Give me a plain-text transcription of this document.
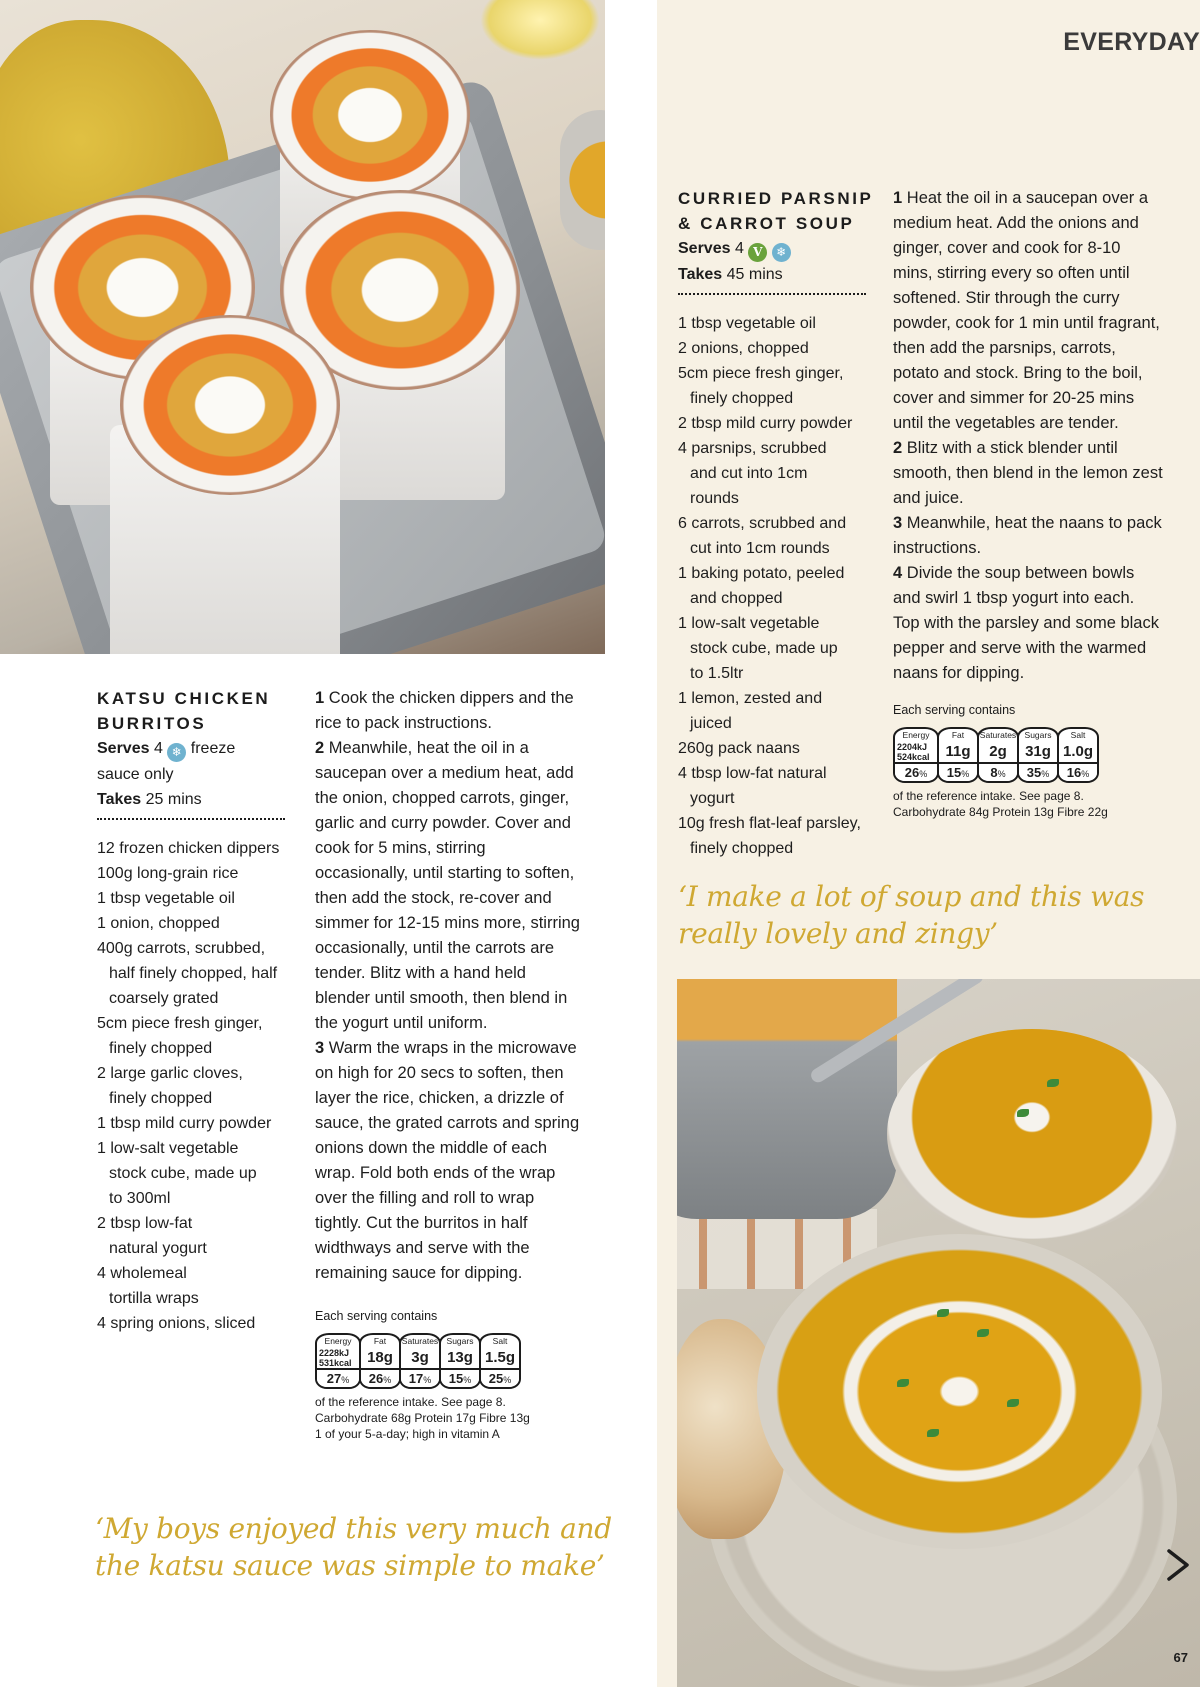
EVERYDAY
KATSU CHICKEN
BURRITOS
Serves 4 ❄ freeze
sauce only
Takes 25 mins
12 frozen chicken dippers
100g long-grain rice
1 tbsp vegetable oil
1 onion, chopped
400g carrots, scrubbed, half finely chopped, half coarsely grated
5cm piece fresh ginger, finely chopped
2 large garlic cloves, finely chopped
1 tbsp mild curry powder
1 low-salt vegetable stock cube, made up to 300ml
2 tbsp low-fat natural yogurt
4 wholemeal tortilla wraps
4 spring onions, sliced

1 Cook the chicken dippers and the rice to pack instructions.

2 Meanwhile, heat the oil in a saucepan over a medium heat, add the onion, chopped carrots, ginger, garlic and curry powder. Cover and cook for 5 mins, stirring occasionally, until starting to soften, then add the stock, re-cover and simmer for 12-15 mins more, stirring occasionally, until the carrots are tender. Blitz with a hand held blender until smooth, then blend in the yogurt until uniform.

3 Warm the wraps in the microwave on high for 20 secs to soften, then layer the rice, chicken, a drizzle of sauce, the grated carrots and spring onions down the middle of each wrap. Fold both ends of the wrap over the filling and roll to wrap tightly. Cut the burritos in half widthways and serve with the remaining sauce for dipping.

Each serving contains
Energy
2228kJ
531kcal
27%
Fat
18g
26%
Saturates
3g
17%
Sugars
13g
15%
Salt
1.5g
25%
of the reference intake. See page 8.
Carbohydrate 68g Protein 17g Fibre 13g
1 of your 5-a-day; high in vitamin A
‘My boys enjoyed this very much and
the katsu sauce was simple to make’
CURRIED PARSNIP
& CARROT SOUP
Serves 4 V ❄
Takes 45 mins
1 tbsp vegetable oil
2 onions, chopped
5cm piece fresh ginger, finely chopped
2 tbsp mild curry powder
4 parsnips, scrubbed and cut into 1cm rounds
6 carrots, scrubbed and cut into 1cm rounds
1 baking potato, peeled and chopped
1 low-salt vegetable stock cube, made up to 1.5ltr
1 lemon, zested and juiced
260g pack naans
4 tbsp low-fat natural yogurt
10g fresh flat-leaf parsley, finely chopped

1 Heat the oil in a saucepan over a medium heat. Add the onions and ginger, cover and cook for 8-10 mins, stirring every so often until softened. Stir through the curry powder, cook for 1 min until fragrant, then add the parsnips, carrots, potato and stock. Bring to the boil, cover and simmer for 20-25 mins until the vegetables are tender.

2 Blitz with a stick blender until smooth, then blend in the lemon zest and juice.

3 Meanwhile, heat the naans to pack instructions.

4 Divide the soup between bowls and swirl 1 tbsp yogurt into each. Top with the parsley and some black pepper and serve with the warmed naans for dipping.

Each serving contains
Energy
2204kJ
524kcal
26%
Fat
11g
15%
Saturates
2g
8%
Sugars
31g
35%
Salt
1.0g
16%
of the reference intake. See page 8.
Carbohydrate 84g Protein 13g Fibre 22g
‘I make a lot of soup and this was
really lovely and zingy’
67
